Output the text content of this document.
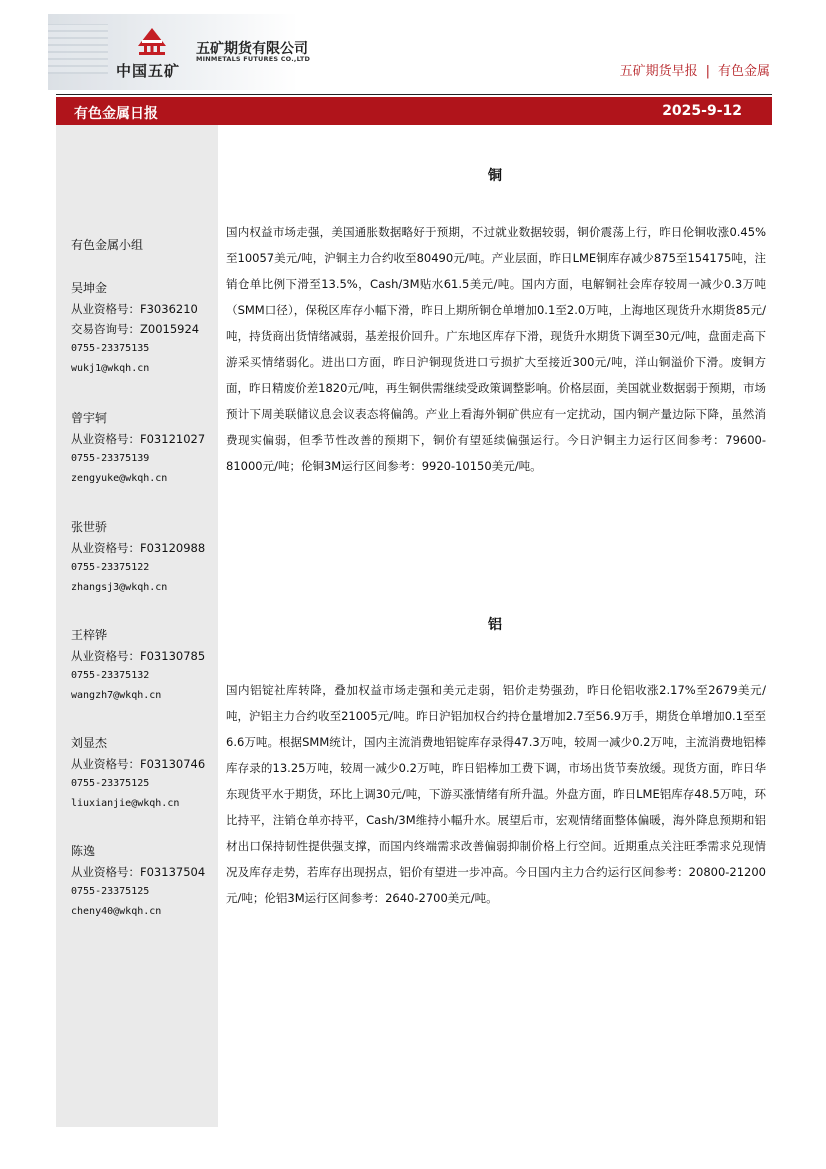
中国五矿
五矿期货有限公司
MINMETALS FUTURES CO.,LTD
五矿期货早报 | 有色金属
有色金属日报	2025-9-12
有色金属小组
吴坤金
从业资格号：F3036210
交易咨询号：Z0015924
0755-23375135
wukj1@wkqh.cn
曾宇轲
从业资格号：F03121027
0755-23375139
zengyuke@wkqh.cn
张世骄
从业资格号：F03120988
0755-23375122
zhangsj3@wkqh.cn
王梓铧
从业资格号：F03130785
0755-23375132
wangzh7@wkqh.cn
刘显杰
从业资格号：F03130746
0755-23375125
liuxianjie@wkqh.cn
陈逸
从业资格号：F03137504
0755-23375125
cheny40@wkqh.cn
铜

国内权益市场走强，美国通胀数据略好于预期，不过就业数据较弱，铜价震荡上行，昨日伦铜收涨0.45%至10057美元/吨，沪铜主力合约收至80490元/吨。产业层面，昨日LME铜库存减少875至154175吨，注销仓单比例下滑至13.5%，Cash/3M贴水61.5美元/吨。国内方面，电解铜社会库存较周一减少0.3万吨（SMM口径），保税区库存小幅下滑，昨日上期所铜仓单增加0.1至2.0万吨，上海地区现货升水期货85元/吨，持货商出货情绪减弱，基差报价回升。广东地区库存下滑，现货升水期货下调至30元/吨，盘面走高下游采买情绪弱化。进出口方面，昨日沪铜现货进口亏损扩大至接近300元/吨，洋山铜溢价下滑。废铜方面，昨日精废价差1820元/吨，再生铜供需继续受政策调整影响。价格层面，美国就业数据弱于预期，市场预计下周美联储议息会议表态将偏鸽。产业上看海外铜矿供应有一定扰动，国内铜产量边际下降，虽然消费现实偏弱，但季节性改善的预期下，铜价有望延续偏强运行。今日沪铜主力运行区间参考：79600-81000元/吨；伦铜3M运行区间参考：9920-10150美元/吨。

铝

国内铝锭社库转降，叠加权益市场走强和美元走弱，铝价走势强劲，昨日伦铝收涨2.17%至2679美元/吨，沪铝主力合约收至21005元/吨。昨日沪铝加权合约持仓量增加2.7至56.9万手，期货仓单增加0.1至至6.6万吨。根据SMM统计，国内主流消费地铝锭库存录得47.3万吨，较周一减少0.2万吨，主流消费地铝棒库存录的13.25万吨，较周一减少0.2万吨，昨日铝棒加工费下调，市场出货节奏放缓。现货方面，昨日华东现货平水于期货，环比上调30元/吨，下游买涨情绪有所升温。外盘方面，昨日LME铝库存48.5万吨，环比持平，注销仓单亦持平，Cash/3M维持小幅升水。展望后市，宏观情绪面整体偏暖，海外降息预期和铝材出口保持韧性提供强支撑，而国内终端需求改善偏弱抑制价格上行空间。近期重点关注旺季需求兑现情况及库存走势，若库存出现拐点，铝价有望进一步冲高。今日国内主力合约运行区间参考：20800-21200元/吨；伦铝3M运行区间参考：2640-2700美元/吨。
